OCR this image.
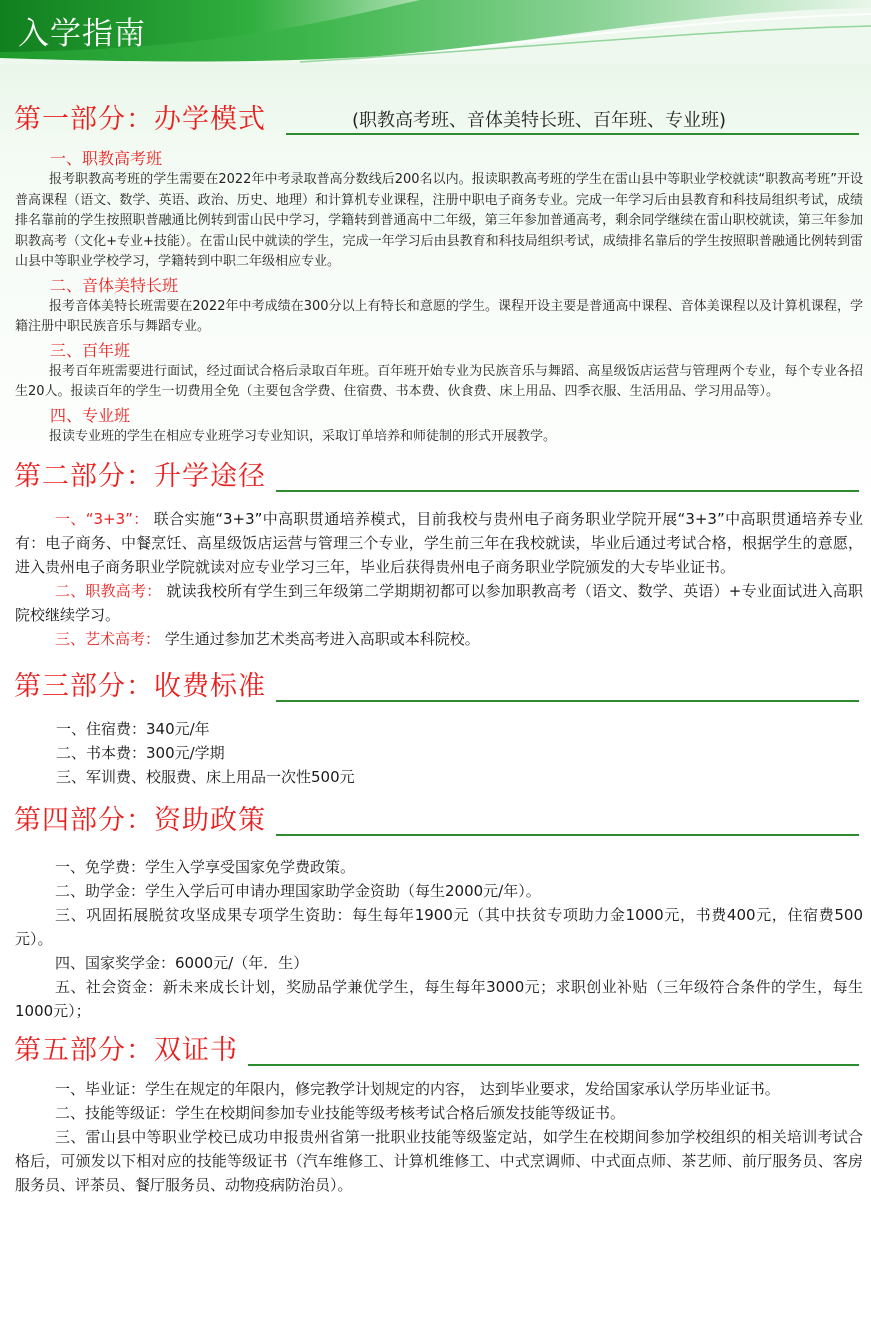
入学指南
第一部分：办学模式	(职教高考班、音体美特长班、百年班、专业班)
一、职教高考班
报考职教高考班的学生需要在2022年中考录取普高分数线后200名以内。报读职教高考班的学生在雷山县中等职业学校就读“职教高考班”开设普高课程（语文、数学、英语、政治、历史、地理）和计算机专业课程，注册中职电子商务专业。完成一年学习后由县教育和科技局组织考试，成绩排名靠前的学生按照职普融通比例转到雷山民中学习，学籍转到普通高中二年级，第三年参加普通高考，剩余同学继续在雷山职校就读，第三年参加职教高考（文化+专业+技能）。在雷山民中就读的学生，完成一年学习后由县教育和科技局组织考试，成绩排名靠后的学生按照职普融通比例转到雷山县中等职业学校学习，学籍转到中职二年级相应专业。
二、音体美特长班
报考音体美特长班需要在2022年中考成绩在300分以上有特长和意愿的学生。课程开设主要是普通高中课程、音体美课程以及计算机课程，学籍注册中职民族音乐与舞蹈专业。
三、百年班
报考百年班需要进行面试，经过面试合格后录取百年班。百年班开始专业为民族音乐与舞蹈、高星级饭店运营与管理两个专业，每个专业各招生20人。报读百年的学生一切费用全免（主要包含学费、住宿费、书本费、伙食费、床上用品、四季衣服、生活用品、学习用品等）。
四、专业班
报读专业班的学生在相应专业班学习专业知识，采取订单培养和师徒制的形式开展教学。
第二部分：升学途径
一、“3+3”： 联合实施“3+3”中高职贯通培养模式，目前我校与贵州电子商务职业学院开展“3+3”中高职贯通培养专业有：电子商务、中餐烹饪、高星级饭店运营与管理三个专业，学生前三年在我校就读，毕业后通过考试合格，根据学生的意愿，进入贵州电子商务职业学院就读对应专业学习三年，毕业后获得贵州电子商务职业学院颁发的大专毕业证书。
二、职教高考： 就读我校所有学生到三年级第二学期期初都可以参加职教高考（语文、数学、英语）+专业面试进入高职院校继续学习。
三、艺术高考： 学生通过参加艺术类高考进入高职或本科院校。
第三部分：收费标准
一、住宿费：340元/年
二、书本费：300元/学期
三、军训费、校服费、床上用品一次性500元
第四部分：资助政策
一、免学费：学生入学享受国家免学费政策。
二、助学金：学生入学后可申请办理国家助学金资助（每生2000元/年）。
三、巩固拓展脱贫攻坚成果专项学生资助：每生每年1900元（其中扶贫专项助力金1000元，书费400元，住宿费500元）。
四、国家奖学金：6000元/（年．生）
五、社会资金：新未来成长计划，奖励品学兼优学生，每生每年3000元；求职创业补贴（三年级符合条件的学生，每生1000元）；
第五部分：双证书
一、毕业证：学生在规定的年限内，修完教学计划规定的内容， 达到毕业要求，发给国家承认学历毕业证书。
二、技能等级证：学生在校期间参加专业技能等级考核考试合格后颁发技能等级证书。
三、雷山县中等职业学校已成功申报贵州省第一批职业技能等级鉴定站，如学生在校期间参加学校组织的相关培训考试合格后，可颁发以下相对应的技能等级证书（汽车维修工、计算机维修工、中式烹调师、中式面点师、茶艺师、前厅服务员、客房服务员、评茶员、餐厅服务员、动物疫病防治员）。
